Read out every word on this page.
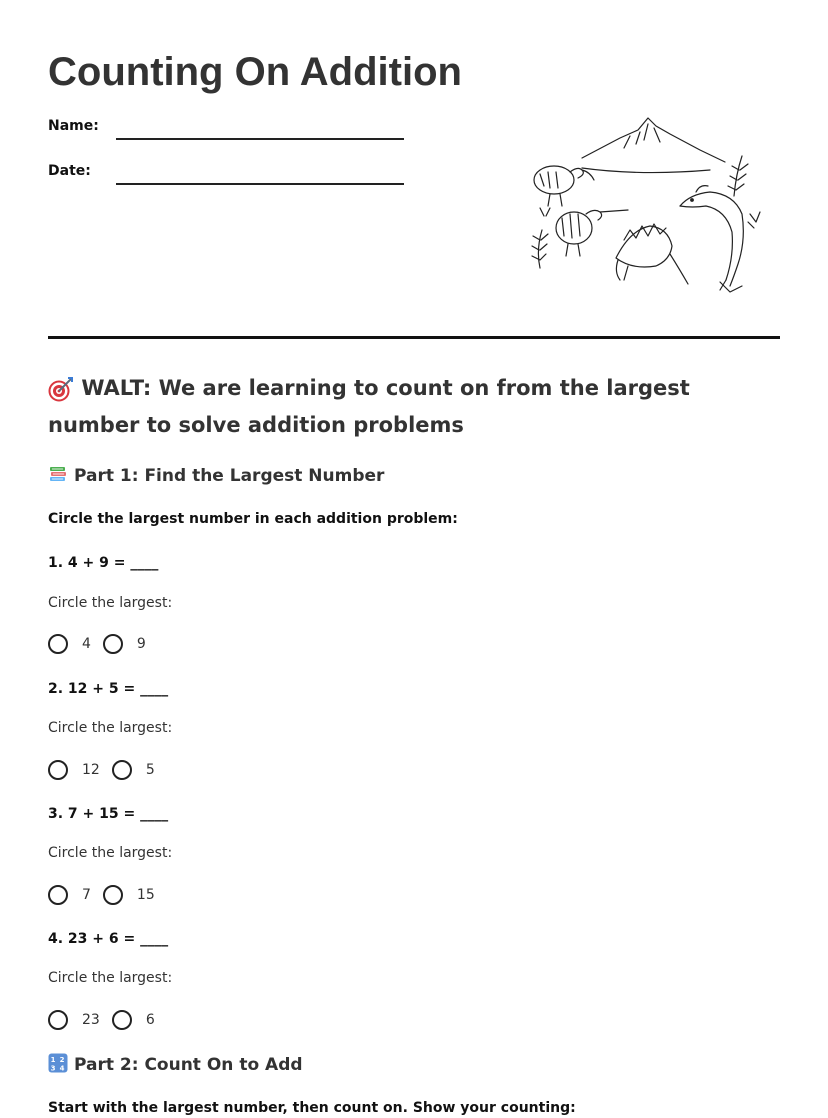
Counting On Addition
Name:
Date:
WALT: We are learning to count on from the largest number to solve addition problems
Part 1: Find the Largest Number
Circle the largest number in each addition problem:
1. 4 + 9 = ____
Circle the largest:
4	9
2. 12 + 5 = ____
Circle the largest:
12	5
3. 7 + 15 = ____
Circle the largest:
7	15
4. 23 + 6 = ____
Circle the largest:
23	6
1 2
3 4 Part 2: Count On to Add
Start with the largest number, then count on. Show your counting:
